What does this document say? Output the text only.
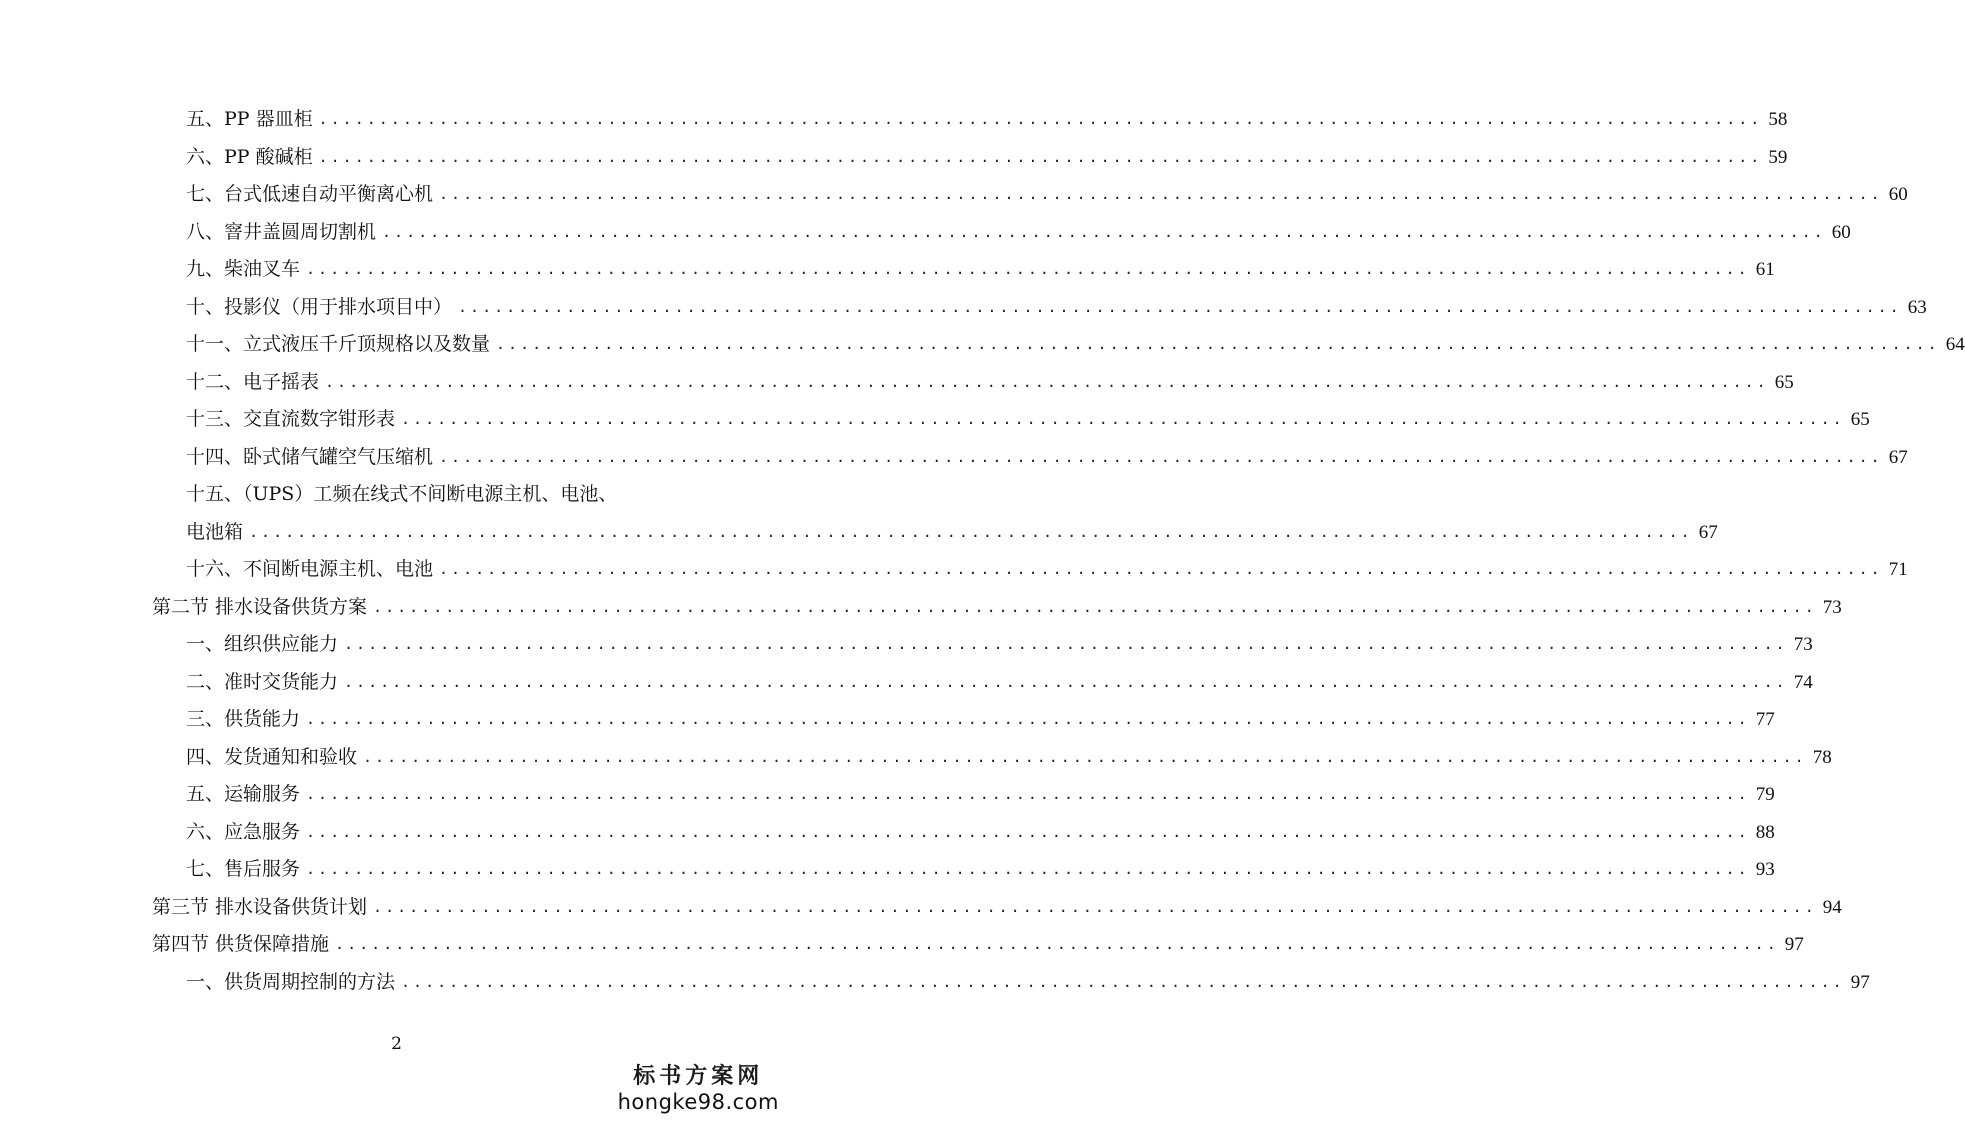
五、PP 器皿柜 ........................................................................................................................ 58
六、PP 酸碱柜 ........................................................................................................................ 59
七、台式低速自动平衡离心机 ........................................................................................................................ 60
八、窨井盖圆周切割机 ........................................................................................................................ 60
九、柴油叉车 ........................................................................................................................ 61
十、投影仪（用于排水项目中） ........................................................................................................................ 63
十一、立式液压千斤顶规格以及数量 ........................................................................................................................ 64
十二、电子摇表 ........................................................................................................................ 65
十三、交直流数字钳形表 ........................................................................................................................ 65
十四、卧式储气罐空气压缩机 ........................................................................................................................ 67
十五、（UPS）工频在线式不间断电源主机、电池、
电池箱 ........................................................................................................................ 67
十六、不间断电源主机、电池 ........................................................................................................................ 71
第二节 排水设备供货方案 ........................................................................................................................ 73
一、组织供应能力 ........................................................................................................................ 73
二、准时交货能力 ........................................................................................................................ 74
三、供货能力 ........................................................................................................................ 77
四、发货通知和验收 ........................................................................................................................ 78
五、运输服务 ........................................................................................................................ 79
六、应急服务 ........................................................................................................................ 88
七、售后服务 ........................................................................................................................ 93
第三节 排水设备供货计划 ........................................................................................................................ 94
第四节 供货保障措施 ........................................................................................................................ 97
一、供货周期控制的方法 ........................................................................................................................ 97
2
标书方案网
hongke98.com
